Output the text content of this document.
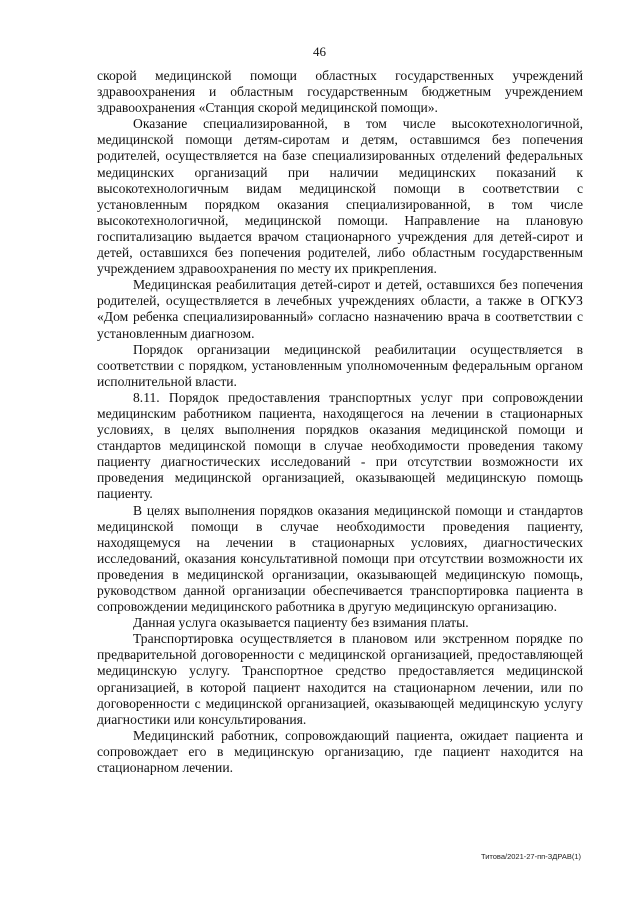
46

скорой медицинской помощи областных государственных учреждений здравоохранения и областным государственным бюджетным учреждением здравоохранения «Станция скорой медицинской помощи».

Оказание специализированной, в том числе высокотехнологичной, медицинской помощи детям-сиротам и детям, оставшимся без попечения родителей, осуществляется на базе специализированных отделений федеральных медицинских организаций при наличии медицинских показаний к высокотехнологичным видам медицинской помощи в соответствии с установленным порядком оказания специализированной, в том числе высокотехнологичной, медицинской помощи. Направление на плановую госпитализацию выдается врачом стационарного учреждения для детей-сирот и детей, оставшихся без попечения родителей, либо областным государственным учреждением здравоохранения по месту их прикрепления.

Медицинская реабилитация детей-сирот и детей, оставшихся без попечения родителей, осуществляется в лечебных учреждениях области, а также в ОГКУЗ «Дом ребенка специализированный» согласно назначению врача в соответствии с установленным диагнозом.

Порядок организации медицинской реабилитации осуществляется в соответствии с порядком, установленным уполномоченным федеральным органом исполнительной власти.

8.11. Порядок предоставления транспортных услуг при сопровождении медицинским работником пациента, находящегося на лечении в стационарных условиях, в целях выполнения порядков оказания медицинской помощи и стандартов медицинской помощи в случае необходимости проведения такому пациенту диагностических исследований - при отсутствии возможности их проведения медицинской организацией, оказывающей медицинскую помощь пациенту.

В целях выполнения порядков оказания медицинской помощи и стандартов медицинской помощи в случае необходимости проведения пациенту, находящемуся на лечении в стационарных условиях, диагностических исследований, оказания консультативной помощи при отсутствии возможности их проведения в медицинской организации, оказывающей медицинскую помощь, руководством данной организации обеспечивается транспортировка пациента в сопровождении медицинского работника в другую медицинскую организацию.

Данная услуга оказывается пациенту без взимания платы.

Транспортировка осуществляется в плановом или экстренном порядке по предварительной договоренности с медицинской организацией, предоставляющей медицинскую услугу. Транспортное средство предоставляется медицинской организацией, в которой пациент находится на стационарном лечении, или по договоренности с медицинской организацией, оказывающей медицинскую услугу диагностики или консультирования.

Медицинский работник, сопровождающий пациента, ожидает пациента и сопровождает его в медицинскую организацию, где пациент находится на стационарном лечении.

Титова/2021-27-пп-ЗДРАВ(1)
